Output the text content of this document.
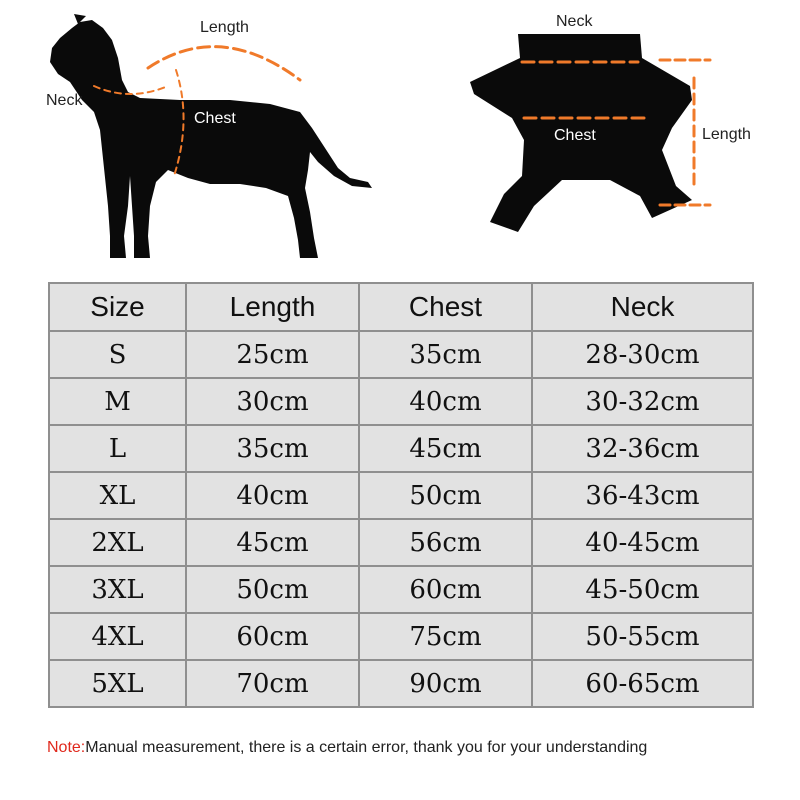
Length
Neck
Chest
Neck
Chest	Length
Size	Length	Chest	Neck
S	25cm	35cm	28-30cm
M	30cm	40cm	30-32cm
L	35cm	45cm	32-36cm
XL	40cm	50cm	36-43cm
2XL	45cm	56cm	40-45cm
3XL	50cm	60cm	45-50cm
4XL	60cm	75cm	50-55cm
5XL	70cm	90cm	60-65cm
Note:Manual measurement, there is a certain error, thank you for your understanding
